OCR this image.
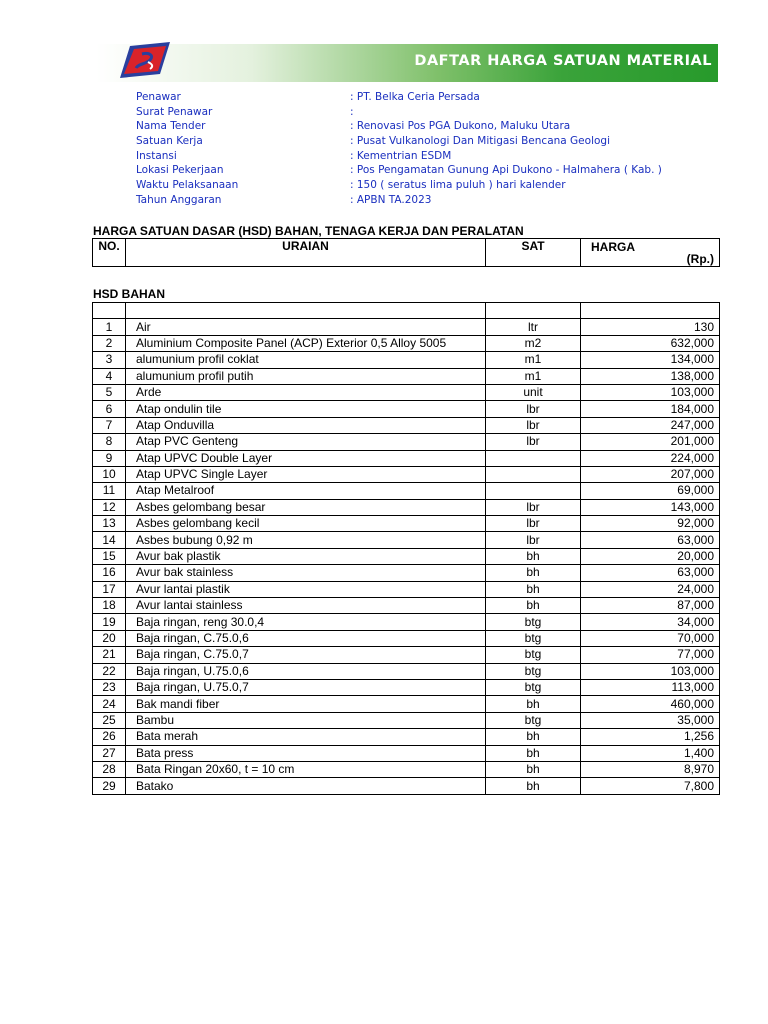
DAFTAR HARGA SATUAN MATERIAL
Penawar	: PT. Belka Ceria Persada
Surat Penawar	:
Nama Tender	: Renovasi Pos PGA Dukono, Maluku Utara
Satuan Kerja	: Pusat Vulkanologi Dan Mitigasi Bencana Geologi
Instansi	: Kementrian ESDM
Lokasi Pekerjaan	: Pos Pengamatan Gunung Api Dukono - Halmahera ( Kab. )
Waktu Pelaksanaan	: 150 ( seratus lima puluh ) hari kalender
Tahun Anggaran	: APBN TA.2023
HARGA SATUAN DASAR (HSD) BAHAN, TENAGA KERJA DAN PERALATAN
NO.	URAIAN	SAT	HARGA
(Rp.)
HSD BAHAN

1	Air	ltr	130
2	Aluminium Composite Panel (ACP) Exterior 0,5 Alloy 5005	m2	632,000
3	alumunium profil coklat	m1	134,000
4	alumunium profil putih	m1	138,000
5	Arde	unit	103,000
6	Atap ondulin tile	lbr	184,000
7	Atap Onduvilla	lbr	247,000
8	Atap PVC Genteng	lbr	201,000
9	Atap UPVC Double Layer		224,000
10	Atap UPVC Single Layer		207,000
11	Atap Metalroof		69,000
12	Asbes gelombang besar	lbr	143,000
13	Asbes gelombang kecil	lbr	92,000
14	Asbes bubung 0,92 m	lbr	63,000
15	Avur bak plastik	bh	20,000
16	Avur bak stainless	bh	63,000
17	Avur lantai plastik	bh	24,000
18	Avur lantai stainless	bh	87,000
19	Baja ringan, reng 30.0,4	btg	34,000
20	Baja ringan, C.75.0,6	btg	70,000
21	Baja ringan, C.75.0,7	btg	77,000
22	Baja ringan, U.75.0,6	btg	103,000
23	Baja ringan, U.75.0,7	btg	113,000
24	Bak mandi fiber	bh	460,000
25	Bambu	btg	35,000
26	Bata merah	bh	1,256
27	Bata press	bh	1,400
28	Bata Ringan 20x60, t = 10 cm	bh	8,970
29	Batako	bh	7,800
